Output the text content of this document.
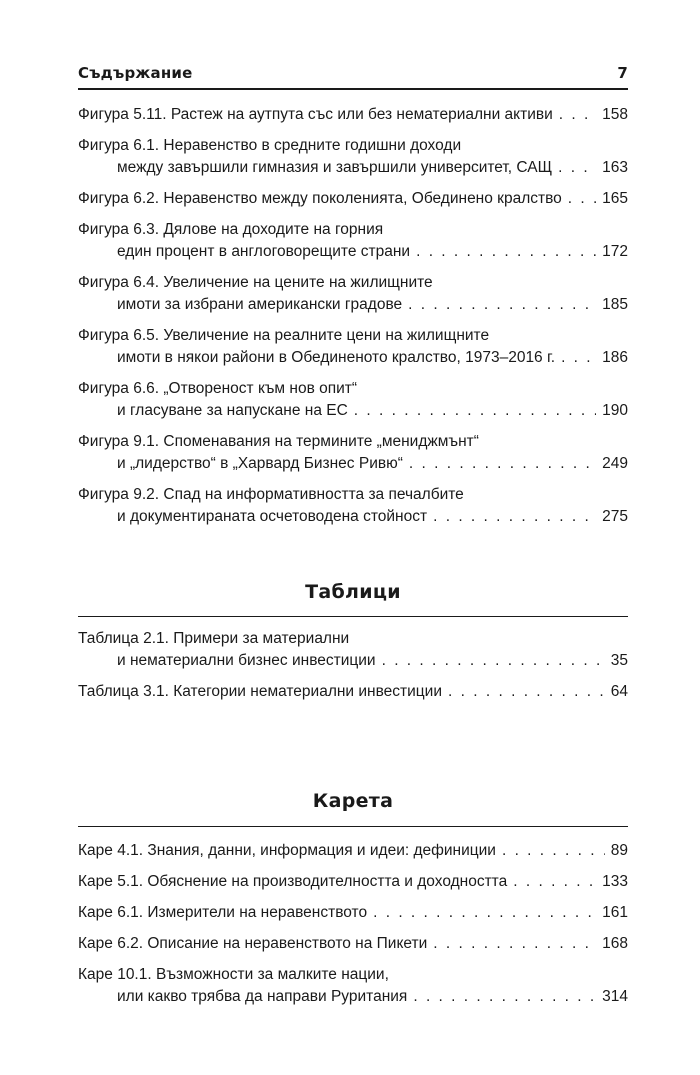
Съдържание	7
Фигура 5.11. Растеж на аутпута със или без нематериални активи . . .	158
Фигура 6.1. Неравенство в средните годишни доходи
между завършили гимназия и завършили университет, САЩ . . .	163
Фигура 6.2. Неравенство между поколенията, Обединено кралство . . .	165
Фигура 6.3. Дялове на доходите на горния
един процент в англоговорещите страни . . .	172
Фигура 6.4. Увеличение на цените на жилищните
имоти за избрани американски градове . . .	185
Фигура 6.5. Увеличение на реалните цени на жилищните
имоти в някои райони в Обединеното кралство, 1973–2016 г. . . .	186
Фигура 6.6. „Отвореност към нов опит“
и гласуване за напускане на ЕС . . .	190
Фигура 9.1. Споменавания на термините „мениджмънт“
и „лидерство“ в „Харвард Бизнес Ривю“ . . .	249
Фигура 9.2. Спад на информативността за печалбите
и документираната осчетоводена стойност . . .	275
Таблици
Таблица 2.1. Примери за материални
и нематериални бизнес инвестиции . . .	35
Таблица 3.1. Категории нематериални инвестиции . . .	64
Карета
Каре 4.1. Знания, данни, информация и идеи: дефиниции . . .	89
Каре 5.1. Обяснение на производителността и доходността . . .	133
Каре 6.1. Измерители на неравенството . . .	161
Каре 6.2. Описание на неравенството на Пикети . . .	168
Каре 10.1. Възможности за малките нации,
или какво трябва да направи Руритания . . .	314
